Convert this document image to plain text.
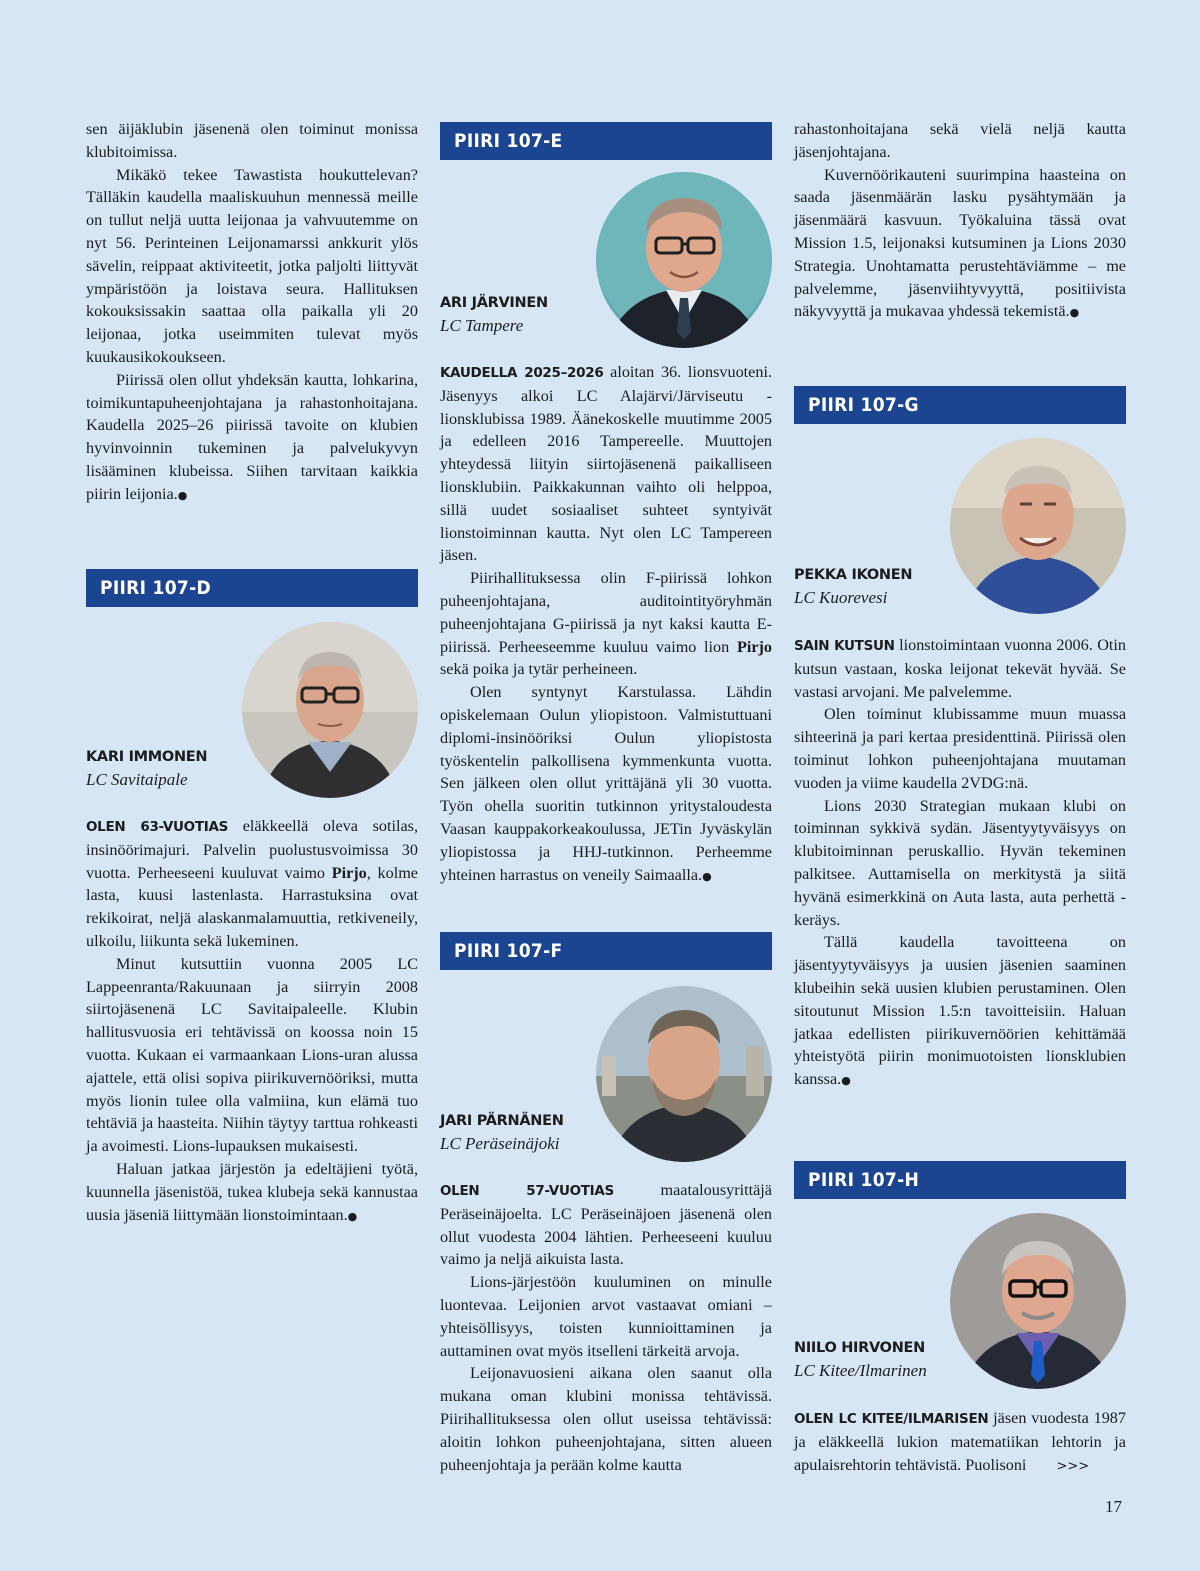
sen äijäklubin jäsenenä olen toiminut monissa klubitoimissa.

Mikäkö tekee Tawastista houkuttelevan? Tälläkin kaudella maaliskuuhun mennessä meille on tullut neljä uutta leijonaa ja vahvuutemme on nyt 56. Perinteinen Leijonamarssi ankkurit ylös sävelin, reippaat aktiviteetit, jotka paljolti liittyvät ympäristöön ja loistava seura. Hallituksen kokouksissakin saattaa olla paikalla yli 20 leijonaa, jotka useimmiten tulevat myös kuukausikokoukseen.

Piirissä olen ollut yhdeksän kautta, lohkarina, toimikuntapuheenjohtajana ja rahastonhoitajana. Kaudella 2025–26 piirissä tavoite on klubien hyvinvoinnin tukeminen ja palvelukyvyn lisääminen klubeissa. Siihen tarvitaan kaikkia piirin leijonia.●

PIIRI 107-D
KARI IMMONEN
LC Savitaipale

OLEN 63-VUOTIAS eläkkeellä oleva sotilas, insinöörimajuri. Palvelin puolustusvoimissa 30 vuotta. Perheeseeni kuuluvat vaimo Pirjo, kolme lasta, kuusi lastenlasta. Harrastuksina ovat rekikoirat, neljä alaskanmalamuuttia, retkiveneily, ulkoilu, liikunta sekä lukeminen.

Minut kutsuttiin vuonna 2005 LC Lappeenranta/Rakuunaan ja siirryin 2008 siirtojäsenenä LC Savitaipaleelle. Klubin hallitusvuosia eri tehtävissä on koossa noin 15 vuotta. Kukaan ei varmaankaan Lions-uran alussa ajattele, että olisi sopiva piirikuvernööriksi, mutta myös lionin tulee olla valmiina, kun elämä tuo tehtäviä ja haasteita. Niihin täytyy tarttua rohkeasti ja avoimesti. Lions-lupauksen mukaisesti.

Haluan jatkaa järjestön ja edeltäjieni työtä, kuunnella jäsenistöä, tukea klubeja sekä kannustaa uusia jäseniä liittymään lionstoimintaan.●

PIIRI 107-E
ARI JÄRVINEN
LC Tampere

KAUDELLA 2025–2026 aloitan 36. lionsvuoteni. Jäsenyys alkoi LC Alajärvi/Järviseutu -lionsklubissa 1989. Äänekoskelle muutimme 2005 ja edelleen 2016 Tampereelle. Muuttojen yhteydessä liityin siirtojäsenenä paikalliseen lionsklubiin. Paikkakunnan vaihto oli helppoa, sillä uudet sosiaaliset suhteet syntyivät lionstoiminnan kautta. Nyt olen LC Tampereen jäsen.

Piirihallituksessa olin F-piirissä lohkon puheenjohtajana, auditointityöryhmän puheenjohtajana G-piirissä ja nyt kaksi kautta E-piirissä. Perheeseemme kuuluu vaimo lion Pirjo sekä poika ja tytär perheineen.

Olen syntynyt Karstulassa. Lähdin opiskelemaan Oulun yliopistoon. Valmistuttuani diplomi-insinööriksi Oulun yliopistosta työskentelin palkollisena kymmenkunta vuotta. Sen jälkeen olen ollut yrittäjänä yli 30 vuotta. Työn ohella suoritin tutkinnon yritystaloudesta Vaasan kauppakorkeakoulussa, JETin Jyväskylän yliopistossa ja HHJ-tutkinnon. Perheemme yhteinen harrastus on veneily Saimaalla.●

PIIRI 107-F
JARI PÄRNÄNEN
LC Peräseinäjoki

OLEN 57-VUOTIAS maatalousyrittäjä Peräseinäjoelta. LC Peräseinäjoen jäsenenä olen ollut vuodesta 2004 lähtien. Perheeseeni kuuluu vaimo ja neljä aikuista lasta.

Lions-järjestöön kuuluminen on minulle luontevaa. Leijonien arvot vastaavat omiani – yhteisöllisyys, toisten kunnioittaminen ja auttaminen ovat myös itselleni tärkeitä arvoja.

Leijonavuosieni aikana olen saanut olla mukana oman klubini monissa tehtävissä. Piirihallituksessa olen ollut useissa tehtävissä: aloitin lohkon puheenjohtajana, sitten alueen puheenjohtaja ja perään kolme kautta

rahastonhoitajana sekä vielä neljä kautta jäsenjohtajana.

Kuvernöörikauteni suurimpina haasteina on saada jäsenmäärän lasku pysähtymään ja jäsenmäärä kasvuun. Työkaluina tässä ovat Mission 1.5, leijonaksi kutsuminen ja Lions 2030 Strategia. Unohtamatta perustehtäviämme – me palvelemme, jäsenviihtyvyyttä, positiivista näkyvyyttä ja mukavaa yhdessä tekemistä.●

PIIRI 107-G
PEKKA IKONEN
LC Kuorevesi

SAIN KUTSUN lionstoimintaan vuonna 2006. Otin kutsun vastaan, koska leijonat tekevät hyvää. Se vastasi arvojani. Me palvelemme.

Olen toiminut klubissamme muun muassa sihteerinä ja pari kertaa presidenttinä. Piirissä olen toiminut lohkon puheenjohtajana muutaman vuoden ja viime kaudella 2VDG:nä.

Lions 2030 Strategian mukaan klubi on toiminnan sykkivä sydän. Jäsentyytyväisyys on klubitoiminnan peruskallio. Hyvän tekeminen palkitsee. Auttamisella on merkitystä ja siitä hyvänä esimerkkinä on Auta lasta, auta perhettä -keräys.

Tällä kaudella tavoitteena on jäsentyytyväisyys ja uusien jäsenien saaminen klubeihin sekä uusien klubien perustaminen. Olen sitoutunut Mission 1.5:n tavoitteisiin. Haluan jatkaa edellisten piirikuvernöörien kehittämää yhteistyötä piirin monimuotoisten lionsklubien kanssa.●

PIIRI 107-H
NIILO HIRVONEN
LC Kitee/Ilmarinen

OLEN LC KITEE/ILMARISEN jäsen vuodesta 1987 ja eläkkeellä lukion matematiikan lehtorin ja apulaisrehtorin tehtävistä. Puolisoni >>>

17
